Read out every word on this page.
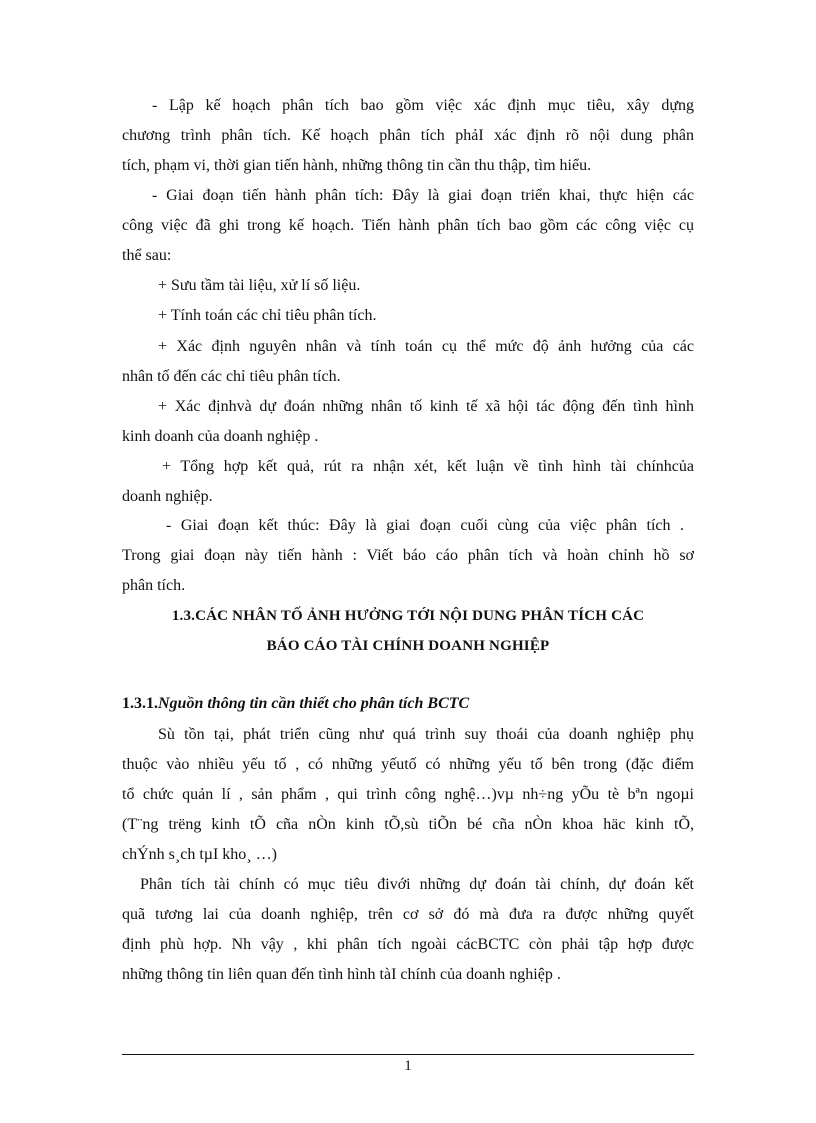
- Lập kế hoạch phân tích bao gồm việc xác định mục tiêu, xây dựng
chương trình phân tích. Kế hoạch phân tích phảI xác định rõ nội dung phân
tích, phạm vi, thời gian tiến hành, những thông tin cần thu thập, tìm hiểu.
- Giai đoạn tiến hành phân tích: Đây là giai đoạn triển khai, thực hiện các
công việc đã ghi trong kế hoạch. Tiến hành phân tích bao gồm các công việc cụ
thể sau:
+ Sưu tầm tài liệu, xử lí số liệu.
+ Tính toán các chỉ tiêu phân tích.
+ Xác định nguyên nhân và tính toán cụ thể mức độ ảnh hưởng của các
nhân tố đến các chỉ tiêu phân tích.
+ Xác địnhvà dự đoán những nhân tố kinh tế xã hội tác động đến tình hình
kinh doanh của doanh nghiệp .
+ Tổng hợp kết quả, rút ra nhận xét, kết luận về tình hình tài chínhcủa
doanh nghiệp.
- Giai đoạn kết thúc: Đây là giai đoạn cuối cùng của việc phân tích .
Trong giai đoạn này tiến hành : Viết báo cáo phân tích và hoàn chỉnh hồ sơ
phân tích.
1.3.CÁC NHÂN TỐ ẢNH HƯỞNG TỚI NỘI DUNG PHÂN TÍCH CÁC
BÁO CÁO TÀI CHÍNH DOANH NGHIỆP
1.3.1.Nguồn thông tin cần thiết cho phân tích BCTC
Sù tồn tại, phát triển cũng như quá trình suy thoái của doanh nghiệp phụ
thuộc vào nhiều yếu tố , có những yếutố có những yếu tố bên trong (đặc điểm
tổ chức quản lí , sản phẩm , qui trình công nghệ…)vµ nh÷ng yÕu tè bªn ngoµi
(T¨ng trëng kinh tÕ cña nÒn kinh tÕ,sù tiÕn bé cña nÒn khoa häc kinh tÕ,
chÝnh s¸ch tµI kho¸ …)
Phân tích tài chính có mục tiêu đivới những dự đoán tài chính, dự đoán kết
quã tương lai của doanh nghiệp, trên cơ sở đó mà đưa ra được những quyết
định phù hợp. Nh vậy , khi phân tích ngoài cácBCTC còn phải tập hợp được
những thông tin liên quan đến tình hình tàI chính của doanh nghiệp .
1
